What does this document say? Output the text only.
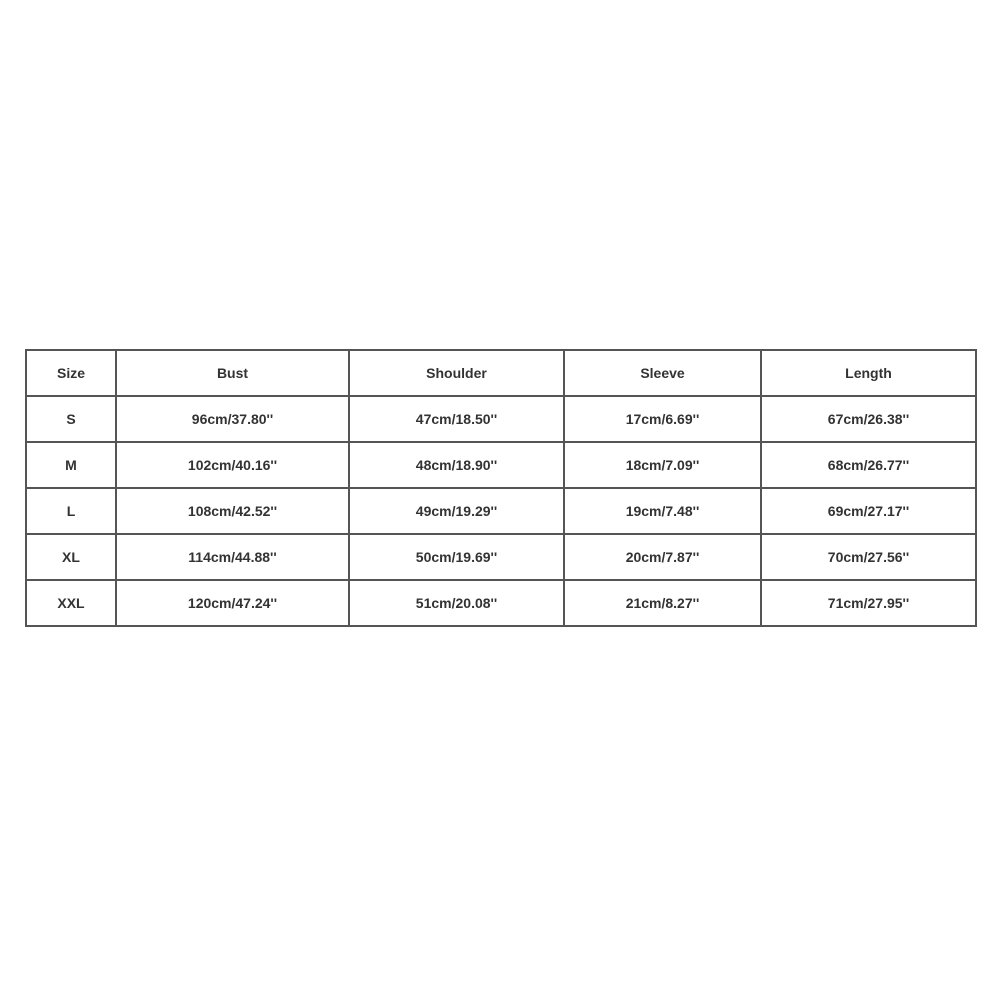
Size	Bust	Shoulder	Sleeve	Length
S	96cm/37.80''	47cm/18.50''	17cm/6.69''	67cm/26.38''
M	102cm/40.16''	48cm/18.90''	18cm/7.09''	68cm/26.77''
L	108cm/42.52''	49cm/19.29''	19cm/7.48''	69cm/27.17''
XL	114cm/44.88''	50cm/19.69''	20cm/7.87''	70cm/27.56''
XXL	120cm/47.24''	51cm/20.08''	21cm/8.27''	71cm/27.95''
